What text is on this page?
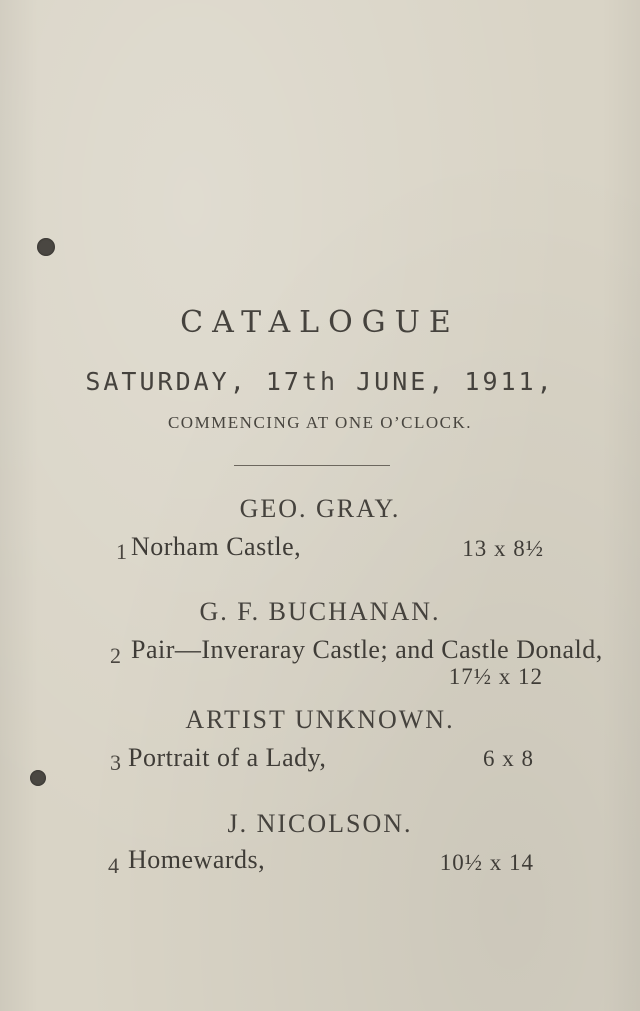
CATALOGUE
SATURDAY, 17th JUNE, 1911,
COMMENCING AT ONE O’CLOCK.
GEO. GRAY.
1 Norham Castle,	13 x 8½
G. F. BUCHANAN.
2 Pair—Inveraray Castle; and Castle Donald,
17½ x 12
ARTIST UNKNOWN.
3 Portrait of a Lady,	6 x 8
J. NICOLSON.
4 Homewards,	10½ x 14
